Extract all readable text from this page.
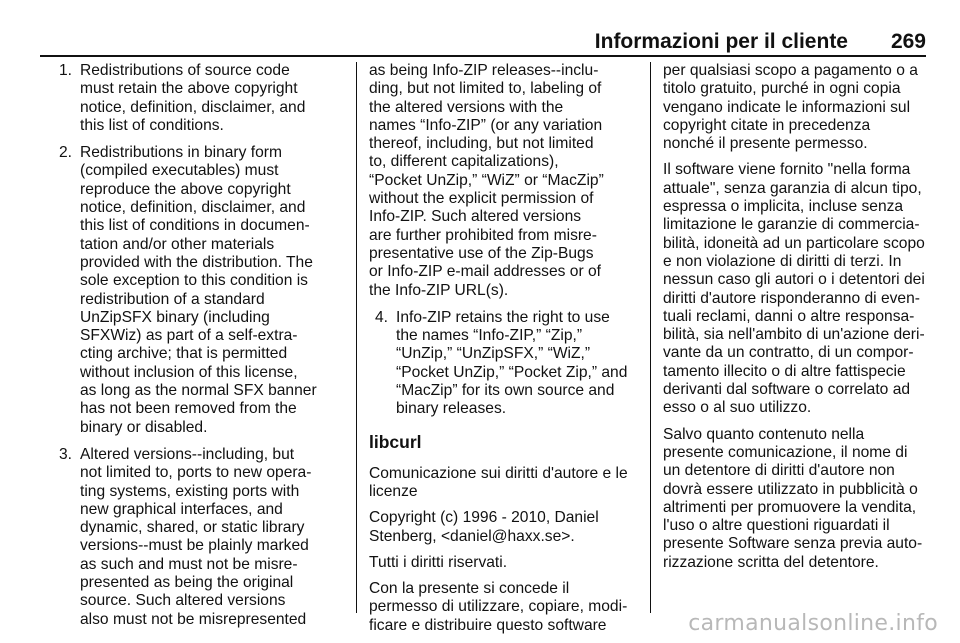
Informazioni per il cliente 269
1. Redistributions of source code
must retain the above copyright
notice, definition, disclaimer, and
this list of conditions.
2. Redistributions in binary form
(compiled executables) must
reproduce the above copyright
notice, definition, disclaimer, and
this list of conditions in documen‐
tation and/or other materials
provided with the distribution. The
sole exception to this condition is
redistribution of a standard
UnZipSFX binary (including
SFXWiz) as part of a self-extra‐
cting archive; that is permitted
without inclusion of this license,
as long as the normal SFX banner
has not been removed from the
binary or disabled.
3. Altered versions--including, but
not limited to, ports to new opera‐
ting systems, existing ports with
new graphical interfaces, and
dynamic, shared, or static library
versions--must be plainly marked
as such and must not be misre‐
presented as being the original
source. Such altered versions
also must not be misrepresented
as being Info-ZIP releases--inclu‐
ding, but not limited to, labeling of
the altered versions with the
names “Info-ZIP” (or any variation
thereof, including, but not limited
to, different capitalizations),
“Pocket UnZip,” “WiZ” or “MacZip”
without the explicit permission of
Info-ZIP. Such altered versions
are further prohibited from misre‐
presentative use of the Zip-Bugs
or Info-ZIP e-mail addresses or of
the Info-ZIP URL(s).
4. Info-ZIP retains the right to use
the names “Info-ZIP,” “Zip,”
“UnZip,” “UnZipSFX,” “WiZ,”
“Pocket UnZip,” “Pocket Zip,” and
“MacZip” for its own source and
binary releases.
libcurl
Comunicazione sui diritti d'autore e le
licenze
Copyright (c) 1996 - 2010, Daniel
Stenberg, <daniel@haxx.se>.
Tutti i diritti riservati.
Con la presente si concede il
permesso di utilizzare, copiare, modi‐
ficare e distribuire questo software
per qualsiasi scopo a pagamento o a
titolo gratuito, purché in ogni copia
vengano indicate le informazioni sul
copyright citate in precedenza
nonché il presente permesso.
Il software viene fornito "nella forma
attuale", senza garanzia di alcun tipo,
espressa o implicita, incluse senza
limitazione le garanzie di commercia‐
bilità, idoneità ad un particolare scopo
e non violazione di diritti di terzi. In
nessun caso gli autori o i detentori dei
diritti d'autore risponderanno di even‐
tuali reclami, danni o altre responsa‐
bilità, sia nell'ambito di un'azione deri‐
vante da un contratto, di un compor‐
tamento illecito o di altre fattispecie
derivanti dal software o correlato ad
esso o al suo utilizzo.
Salvo quanto contenuto nella
presente comunicazione, il nome di
un detentore di diritti d'autore non
dovrà essere utilizzato in pubblicità o
altrimenti per promuovere la vendita,
l'uso o altre questioni riguardati il
presente Software senza previa auto‐
rizzazione scritta del detentore.
carmanualsonline.info
